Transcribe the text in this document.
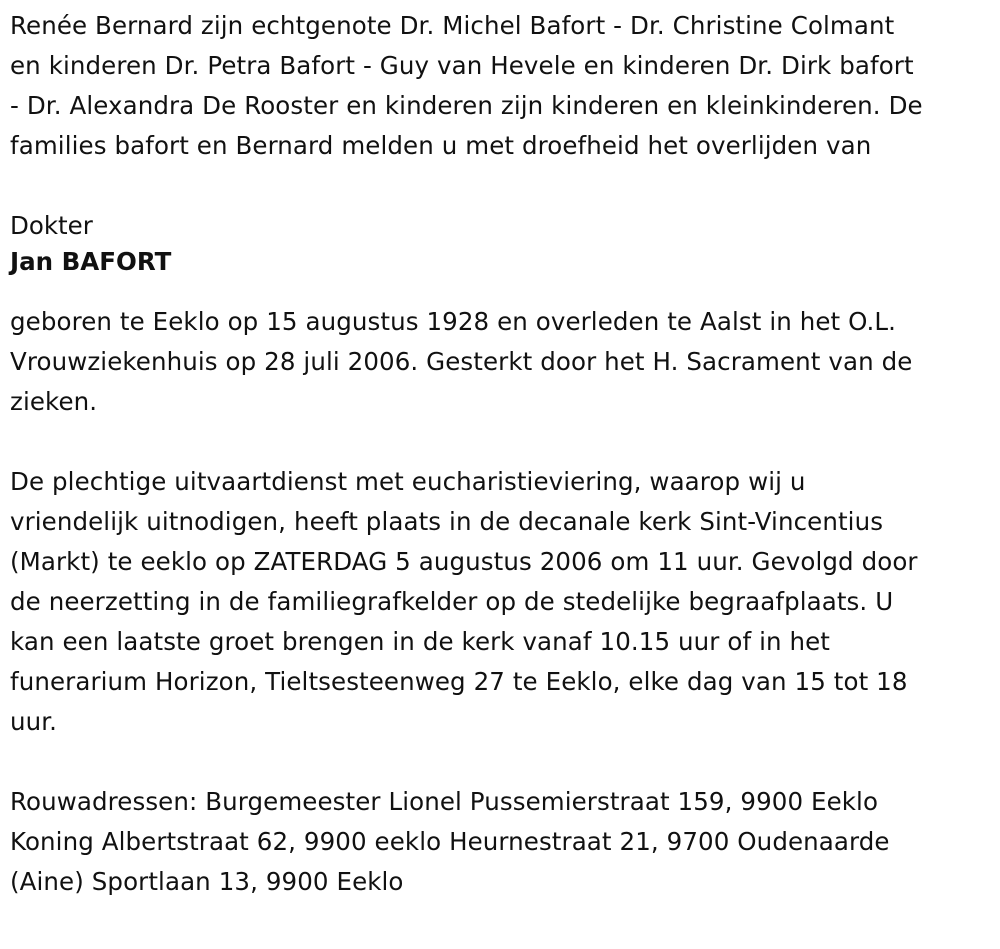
Renée Bernard zijn echtgenote Dr. Michel Bafort - Dr. Christine Colmant
en kinderen Dr. Petra Bafort - Guy van Hevele en kinderen Dr. Dirk bafort
- Dr. Alexandra De Rooster en kinderen zijn kinderen en kleinkinderen. De
families bafort en Bernard melden u met droefheid het overlijden van

Dokter

Jan BAFORT

geboren te Eeklo op 15 augustus 1928 en overleden te Aalst in het O.L.
Vrouwziekenhuis op 28 juli 2006. Gesterkt door het H. Sacrament van de
zieken.

De plechtige uitvaartdienst met eucharistieviering, waarop wij u
vriendelijk uitnodigen, heeft plaats in de decanale kerk Sint-Vincentius
(Markt) te eeklo op ZATERDAG 5 augustus 2006 om 11 uur. Gevolgd door
de neerzetting in de familiegrafkelder op de stedelijke begraafplaats. U
kan een laatste groet brengen in de kerk vanaf 10.15 uur of in het
funerarium Horizon, Tieltsesteenweg 27 te Eeklo, elke dag van 15 tot 18
uur.

Rouwadressen: Burgemeester Lionel Pussemierstraat 159, 9900 Eeklo
Koning Albertstraat 62, 9900 eeklo Heurnestraat 21, 9700 Oudenaarde
(Aine) Sportlaan 13, 9900 Eeklo
